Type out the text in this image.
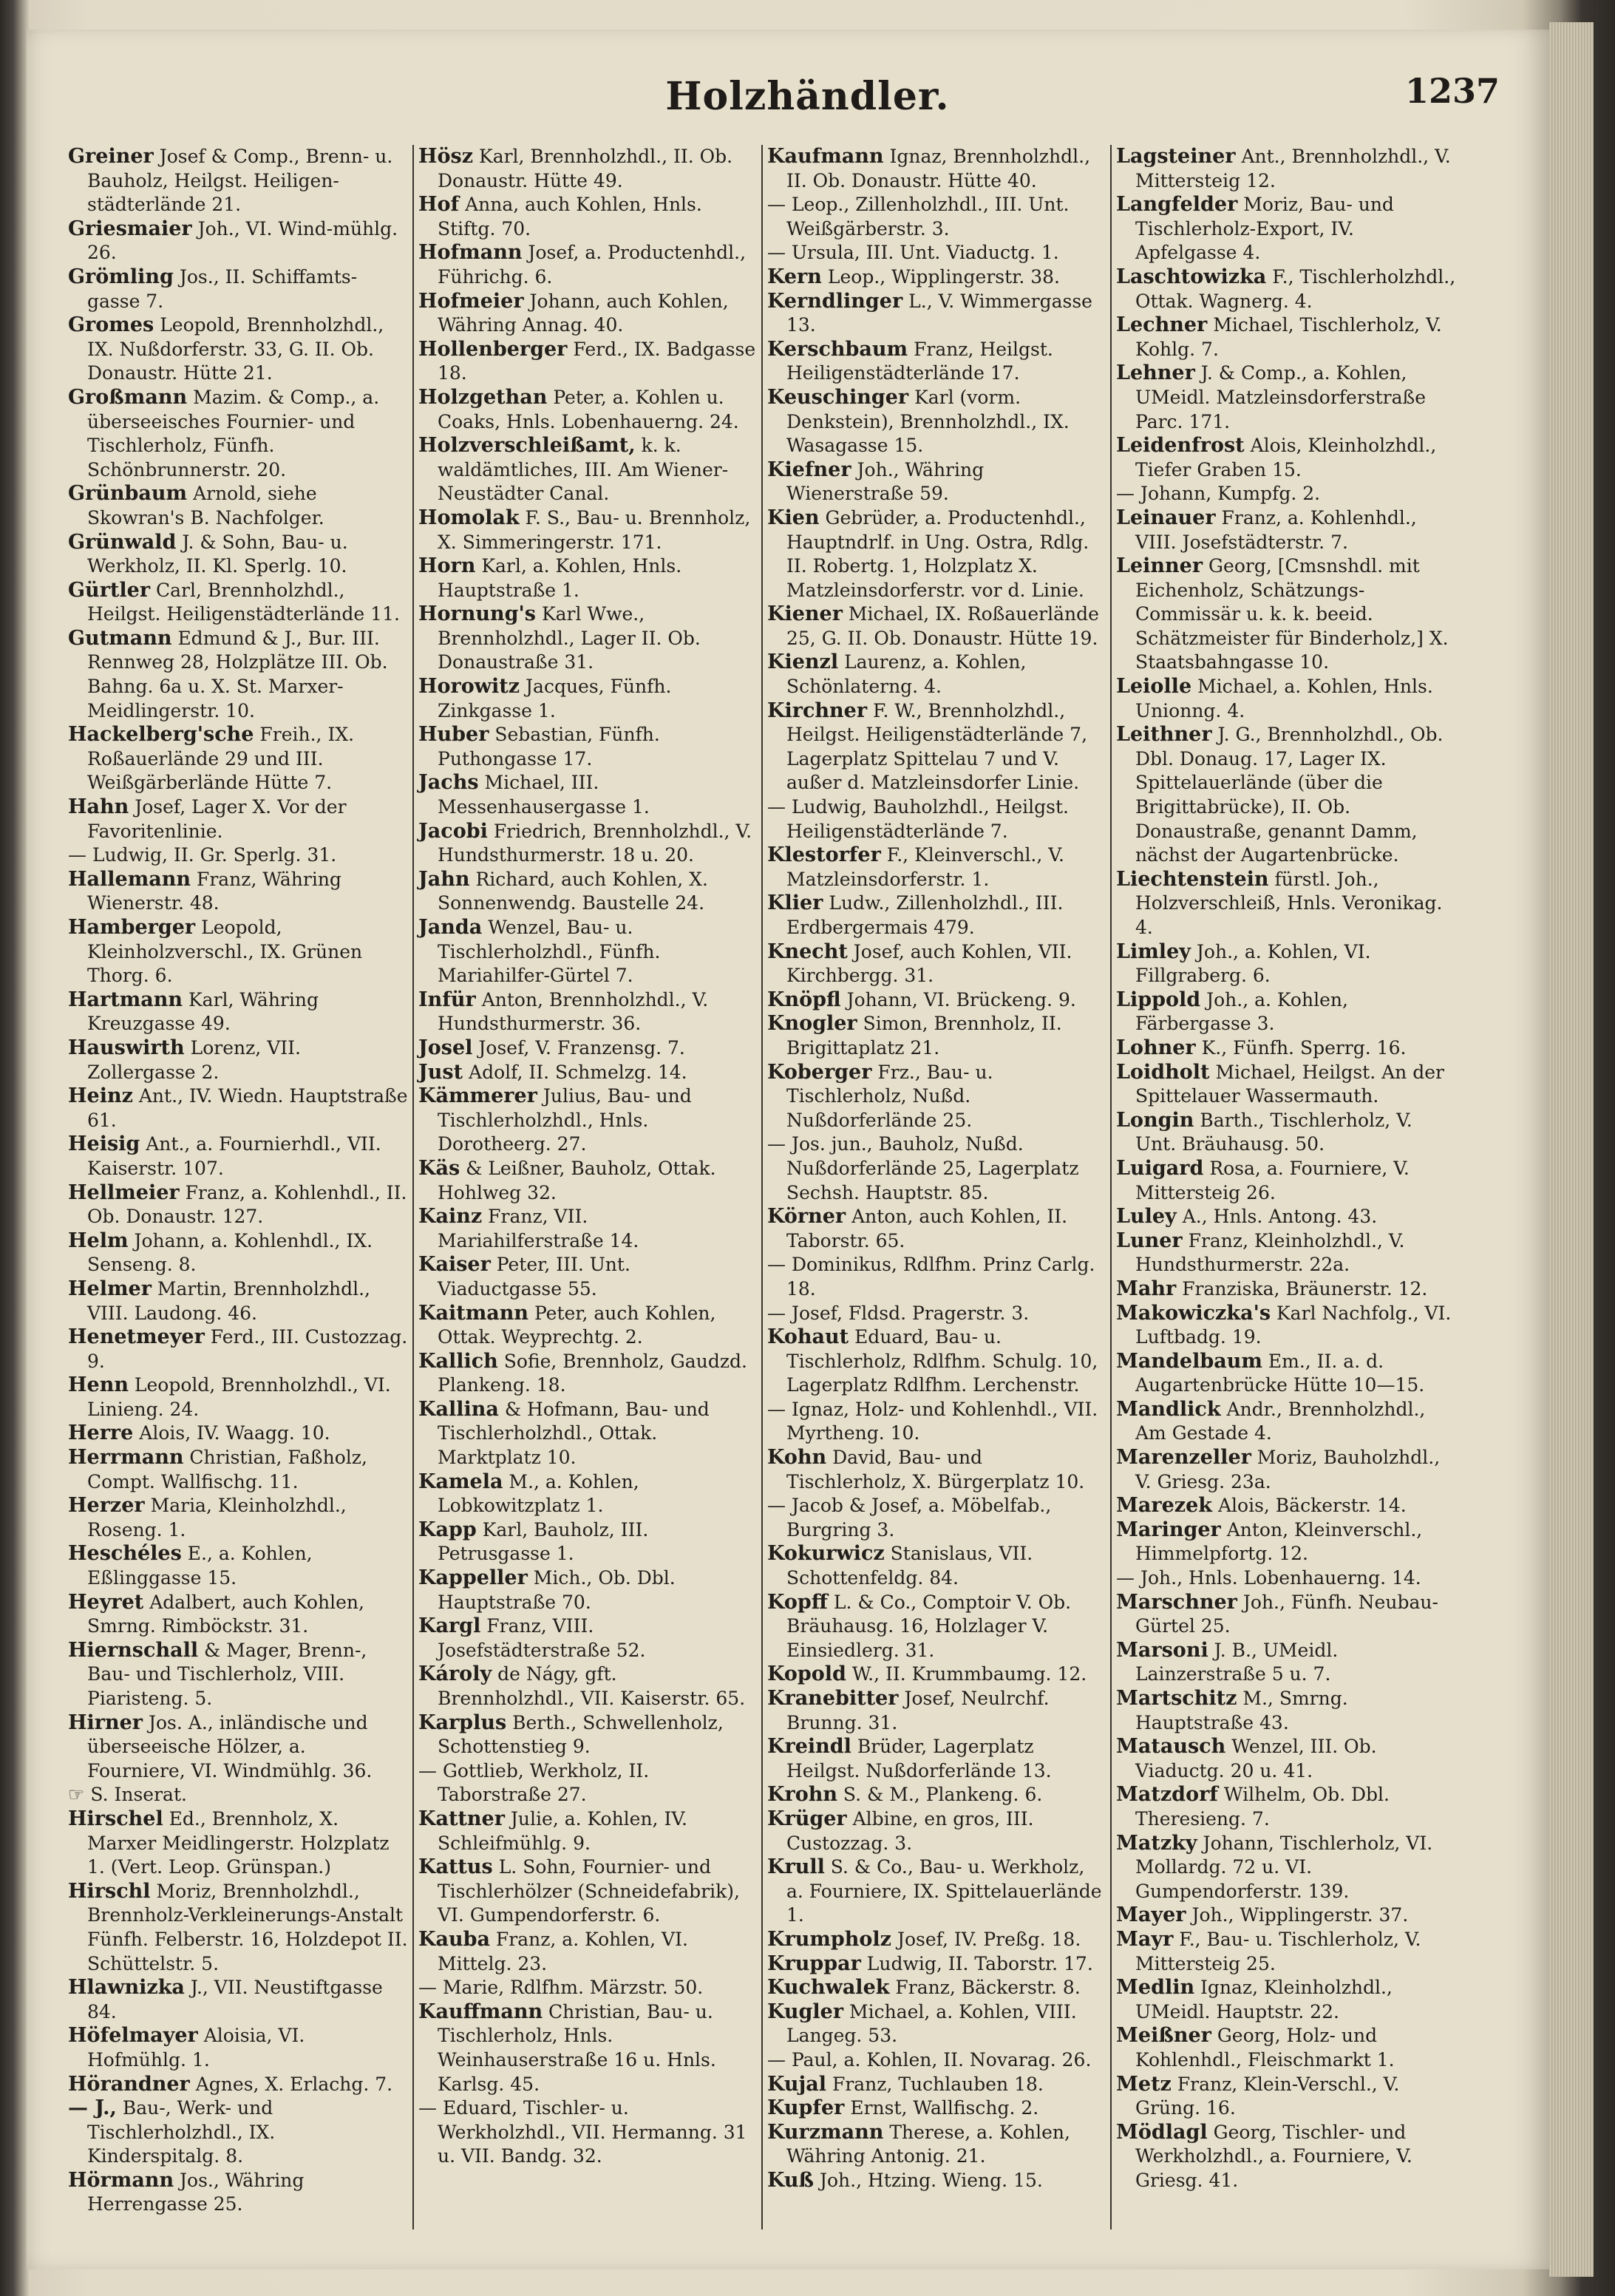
Holzhändler.	1237

Greiner Josef & Comp., Brenn- u. Bauholz, Heilgst. Heiligen-städterlände 21.

Griesmaier Joh., VI. Wind-mühlg. 26.

Grömling Jos., II. Schiffamts-gasse 7.

Gromes Leopold, Brennholzhdl., IX. Nußdorferstr. 33, G. II. Ob. Donaustr. Hütte 21.

Großmann Mazim. & Comp., a. überseeisches Fournier- und Tischlerholz, Fünfh. Schönbrunnerstr. 20.

Grünbaum Arnold, siehe Skowran's B. Nachfolger.

Grünwald J. & Sohn, Bau- u. Werkholz, II. Kl. Sperlg. 10.

Gürtler Carl, Brennholzhdl., Heilgst. Heiligenstädterlände 11.

Gutmann Edmund & J., Bur. III. Rennweg 28, Holzplätze III. Ob. Bahng. 6a u. X. St. Marxer-Meidlingerstr. 10.

Hackelberg'sche Freih., IX. Roßauerlände 29 und III. Weißgärberlände Hütte 7.

Hahn Josef, Lager X. Vor der Favoritenlinie.

— Ludwig, II. Gr. Sperlg. 31.

Hallemann Franz, Währing Wienerstr. 48.

Hamberger Leopold, Kleinholzverschl., IX. Grünen Thorg. 6.

Hartmann Karl, Währing Kreuzgasse 49.

Hauswirth Lorenz, VII. Zollergasse 2.

Heinz Ant., IV. Wiedn. Hauptstraße 61.

Heisig Ant., a. Fournierhdl., VII. Kaiserstr. 107.

Hellmeier Franz, a. Kohlenhdl., II. Ob. Donaustr. 127.

Helm Johann, a. Kohlenhdl., IX. Senseng. 8.

Helmer Martin, Brennholzhdl., VIII. Laudong. 46.

Henetmeyer Ferd., III. Custozzag. 9.

Henn Leopold, Brennholzhdl., VI. Linieng. 24.

Herre Alois, IV. Waagg. 10.

Herrmann Christian, Faßholz, Compt. Wallfischg. 11.

Herzer Maria, Kleinholzhdl., Roseng. 1.

Heschéles E., a. Kohlen, Eßlinggasse 15.

Heyret Adalbert, auch Kohlen, Smrng. Rimböckstr. 31.

Hiernschall & Mager, Brenn-, Bau- und Tischlerholz, VIII. Piaristeng. 5.

Hirner Jos. A., inländische und überseeische Hölzer, a. Fourniere, VI. Windmühlg. 36.

☞ S. Inserat.

Hirschel Ed., Brennholz, X. Marxer Meidlingerstr. Holzplatz 1. (Vert. Leop. Grünspan.)

Hirschl Moriz, Brennholzhdl., Brennholz-Verkleinerungs-Anstalt Fünfh. Felberstr. 16, Holzdepot II. Schüttelstr. 5.

Hlawnizka J., VII. Neustiftgasse 84.

Höfelmayer Aloisia, VI. Hofmühlg. 1.

Hörandner Agnes, X. Erlachg. 7.

— J., Bau-, Werk- und Tischlerholzhdl., IX. Kinderspitalg. 8.

Hörmann Jos., Währing Herrengasse 25.

Hösz Karl, Brennholzhdl., II. Ob. Donaustr. Hütte 49.

Hof Anna, auch Kohlen, Hnls. Stiftg. 70.

Hofmann Josef, a. Productenhdl., Führichg. 6.

Hofmeier Johann, auch Kohlen, Währing Annag. 40.

Hollenberger Ferd., IX. Badgasse 18.

Holzgethan Peter, a. Kohlen u. Coaks, Hnls. Lobenhauerng. 24.

Holzverschleißamt, k. k. waldämtliches, III. Am Wiener-Neustädter Canal.

Homolak F. S., Bau- u. Brennholz, X. Simmeringerstr. 171.

Horn Karl, a. Kohlen, Hnls. Hauptstraße 1.

Hornung's Karl Wwe., Brennholzhdl., Lager II. Ob. Donaustraße 31.

Horowitz Jacques, Fünfh. Zinkgasse 1.

Huber Sebastian, Fünfh. Puthongasse 17.

Jachs Michael, III. Messenhausergasse 1.

Jacobi Friedrich, Brennholzhdl., V. Hundsthurmerstr. 18 u. 20.

Jahn Richard, auch Kohlen, X. Sonnenwendg. Baustelle 24.

Janda Wenzel, Bau- u. Tischlerholzhdl., Fünfh. Mariahilfer-Gürtel 7.

Infür Anton, Brennholzhdl., V. Hundsthurmerstr. 36.

Josel Josef, V. Franzensg. 7.

Just Adolf, II. Schmelzg. 14.

Kämmerer Julius, Bau- und Tischlerholzhdl., Hnls. Dorotheerg. 27.

Käs & Leißner, Bauholz, Ottak. Hohlweg 32.

Kainz Franz, VII. Mariahilferstraße 14.

Kaiser Peter, III. Unt. Viaductgasse 55.

Kaitmann Peter, auch Kohlen, Ottak. Weyprechtg. 2.

Kallich Sofie, Brennholz, Gaudzd. Plankeng. 18.

Kallina & Hofmann, Bau- und Tischlerholzhdl., Ottak. Marktplatz 10.

Kamela M., a. Kohlen, Lobkowitzplatz 1.

Kapp Karl, Bauholz, III. Petrusgasse 1.

Kappeller Mich., Ob. Dbl. Hauptstraße 70.

Kargl Franz, VIII. Josefstädterstraße 52.

Károly de Nágy, gft. Brennholzhdl., VII. Kaiserstr. 65.

Karplus Berth., Schwellenholz, Schottenstieg 9.

— Gottlieb, Werkholz, II. Taborstraße 27.

Kattner Julie, a. Kohlen, IV. Schleifmühlg. 9.

Kattus L. Sohn, Fournier- und Tischlerhölzer (Schneidefabrik), VI. Gumpendorferstr. 6.

Kauba Franz, a. Kohlen, VI. Mittelg. 23.

— Marie, Rdlfhm. Märzstr. 50.

Kauffmann Christian, Bau- u. Tischlerholz, Hnls. Weinhauserstraße 16 u. Hnls. Karlsg. 45.

— Eduard, Tischler- u. Werkholzhdl., VII. Hermanng. 31 u. VII. Bandg. 32.

Kaufmann Ignaz, Brennholzhdl., II. Ob. Donaustr. Hütte 40.

— Leop., Zillenholzhdl., III. Unt. Weißgärberstr. 3.

— Ursula, III. Unt. Viaductg. 1.

Kern Leop., Wipplingerstr. 38.

Kerndlinger L., V. Wimmergasse 13.

Kerschbaum Franz, Heilgst. Heiligenstädterlände 17.

Keuschinger Karl (vorm. Denkstein), Brennholzhdl., IX. Wasagasse 15.

Kiefner Joh., Währing Wienerstraße 59.

Kien Gebrüder, a. Productenhdl., Hauptndrlf. in Ung. Ostra, Rdlg. II. Robertg. 1, Holzplatz X. Matzleinsdorferstr. vor d. Linie.

Kiener Michael, IX. Roßauerlände 25, G. II. Ob. Donaustr. Hütte 19.

Kienzl Laurenz, a. Kohlen, Schönlaterng. 4.

Kirchner F. W., Brennholzhdl., Heilgst. Heiligenstädterlände 7, Lagerplatz Spittelau 7 und V. außer d. Matzleinsdorfer Linie.

— Ludwig, Bauholzhdl., Heilgst. Heiligenstädterlände 7.

Klestorfer F., Kleinverschl., V. Matzleinsdorferstr. 1.

Klier Ludw., Zillenholzhdl., III. Erdbergermais 479.

Knecht Josef, auch Kohlen, VII. Kirchbergg. 31.

Knöpfl Johann, VI. Brückeng. 9.

Knogler Simon, Brennholz, II. Brigittaplatz 21.

Koberger Frz., Bau- u. Tischlerholz, Nußd. Nußdorferlände 25.

— Jos. jun., Bauholz, Nußd. Nußdorferlände 25, Lagerplatz Sechsh. Hauptstr. 85.

Körner Anton, auch Kohlen, II. Taborstr. 65.

— Dominikus, Rdlfhm. Prinz Carlg. 18.

— Josef, Fldsd. Pragerstr. 3.

Kohaut Eduard, Bau- u. Tischlerholz, Rdlfhm. Schulg. 10, Lagerplatz Rdlfhm. Lerchenstr.

— Ignaz, Holz- und Kohlenhdl., VII. Myrtheng. 10.

Kohn David, Bau- und Tischlerholz, X. Bürgerplatz 10.

— Jacob & Josef, a. Möbelfab., Burgring 3.

Kokurwicz Stanislaus, VII. Schottenfeldg. 84.

Kopff L. & Co., Comptoir V. Ob. Bräuhausg. 16, Holzlager V. Einsiedlerg. 31.

Kopold W., II. Krummbaumg. 12.

Kranebitter Josef, Neulrchf. Brunng. 31.

Kreindl Brüder, Lagerplatz Heilgst. Nußdorferlände 13.

Krohn S. & M., Plankeng. 6.

Krüger Albine, en gros, III. Custozzag. 3.

Krull S. & Co., Bau- u. Werkholz, a. Fourniere, IX. Spittelauerlände 1.

Krumpholz Josef, IV. Preßg. 18.

Kruppar Ludwig, II. Taborstr. 17.

Kuchwalek Franz, Bäckerstr. 8.

Kugler Michael, a. Kohlen, VIII. Langeg. 53.

— Paul, a. Kohlen, II. Novarag. 26.

Kujal Franz, Tuchlauben 18.

Kupfer Ernst, Wallfischg. 2.

Kurzmann Therese, a. Kohlen, Währing Antonig. 21.

Kuß Joh., Htzing. Wieng. 15.

Lagsteiner Ant., Brennholzhdl., V. Mittersteig 12.

Langfelder Moriz, Bau- und Tischlerholz-Export, IV. Apfelgasse 4.

Laschtowizka F., Tischlerholzhdl., Ottak. Wagnerg. 4.

Lechner Michael, Tischlerholz, V. Kohlg. 7.

Lehner J. & Comp., a. Kohlen, UMeidl. Matzleinsdorferstraße Parc. 171.

Leidenfrost Alois, Kleinholzhdl., Tiefer Graben 15.

— Johann, Kumpfg. 2.

Leinauer Franz, a. Kohlenhdl., VIII. Josefstädterstr. 7.

Leinner Georg, [Cmsnshdl. mit Eichenholz, Schätzungs-Commissär u. k. k. beeid. Schätzmeister für Binderholz,] X. Staatsbahngasse 10.

Leiolle Michael, a. Kohlen, Hnls. Unionng. 4.

Leithner J. G., Brennholzhdl., Ob. Dbl. Donaug. 17, Lager IX. Spittelauerlände (über die Brigittabrücke), II. Ob. Donaustraße, genannt Damm, nächst der Augartenbrücke.

Liechtenstein fürstl. Joh., Holzverschleiß, Hnls. Veronikag. 4.

Limley Joh., a. Kohlen, VI. Fillgraberg. 6.

Lippold Joh., a. Kohlen, Färbergasse 3.

Lohner K., Fünfh. Sperrg. 16.

Loidholt Michael, Heilgst. An der Spittelauer Wassermauth.

Longin Barth., Tischlerholz, V. Unt. Bräuhausg. 50.

Luigard Rosa, a. Fourniere, V. Mittersteig 26.

Luley A., Hnls. Antong. 43.

Luner Franz, Kleinholzhdl., V. Hundsthurmerstr. 22a.

Mahr Franziska, Bräunerstr. 12.

Makowiczka's Karl Nachfolg., VI. Luftbadg. 19.

Mandelbaum Em., II. a. d. Augartenbrücke Hütte 10—15.

Mandlick Andr., Brennholzhdl., Am Gestade 4.

Marenzeller Moriz, Bauholzhdl., V. Griesg. 23a.

Marezek Alois, Bäckerstr. 14.

Maringer Anton, Kleinverschl., Himmelpfortg. 12.

— Joh., Hnls. Lobenhauerng. 14.

Marschner Joh., Fünfh. Neubau-Gürtel 25.

Marsoni J. B., UMeidl. Lainzerstraße 5 u. 7.

Martschitz M., Smrng. Hauptstraße 43.

Matausch Wenzel, III. Ob. Viaductg. 20 u. 41.

Matzdorf Wilhelm, Ob. Dbl. Theresieng. 7.

Matzky Johann, Tischlerholz, VI. Mollardg. 72 u. VI. Gumpendorferstr. 139.

Mayer Joh., Wipplingerstr. 37.

Mayr F., Bau- u. Tischlerholz, V. Mittersteig 25.

Medlin Ignaz, Kleinholzhdl., UMeidl. Hauptstr. 22.

Meißner Georg, Holz- und Kohlenhdl., Fleischmarkt 1.

Metz Franz, Klein-Verschl., V. Grüng. 16.

Mödlagl Georg, Tischler- und Werkholzhdl., a. Fourniere, V. Griesg. 41.
